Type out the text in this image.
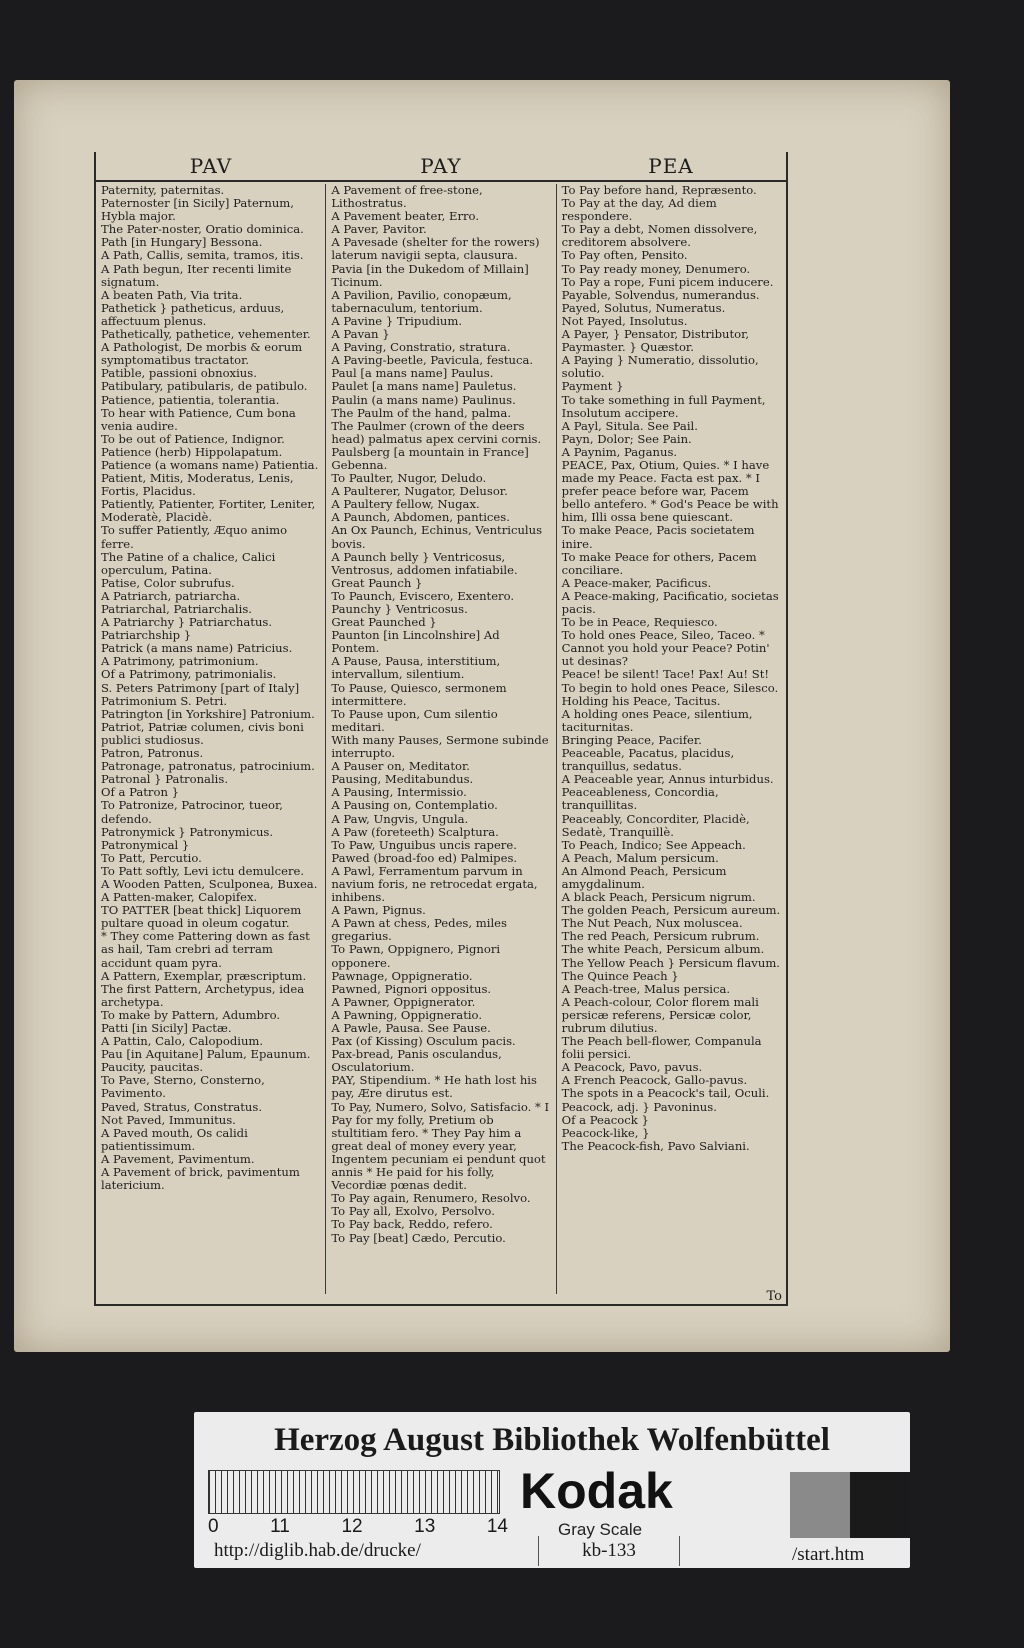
PAV	PAY	PEA

Paternity, paternitas.

Paternoster [in Sicily] Paternum, Hybla major.

The Pater-noster, Oratio dominica.

Path [in Hungary] Bessona.

A Path, Callis, semita, tramos, itis.

A Path begun, Iter recenti limite signatum.

A beaten Path, Via trita.

Pathetick } patheticus, arduus, affectuum plenus.

Pathetically, pathetice, vehementer.

A Pathologist, De morbis & eorum symptomatibus tractator.

Patible, passioni obnoxius.

Patibulary, patibularis, de patibulo.

Patience, patientia, tolerantia.

To hear with Patience, Cum bona venia audire.

To be out of Patience, Indignor.

Patience (herb) Hippolapatum.

Patience (a womans name) Patientia.

Patient, Mitis, Moderatus, Lenis, Fortis, Placidus.

Patiently, Patienter, Fortiter, Leniter, Moderatè, Placidè.

To suffer Patiently, Æquo animo ferre.

The Patine of a chalice, Calici operculum, Patina.

Patise, Color subrufus.

A Patriarch, patriarcha.

Patriarchal, Patriarchalis.

A Patriarchy } Patriarchatus.

Patriarchship }

Patrick (a mans name) Patricius.

A Patrimony, patrimonium.

Of a Patrimony, patrimonialis.

S. Peters Patrimony [part of Italy] Patrimonium S. Petri.

Patrington [in Yorkshire] Patronium.

Patriot, Patriæ columen, civis boni publici studiosus.

Patron, Patronus.

Patronage, patronatus, patrocinium.

Patronal } Patronalis.

Of a Patron }

To Patronize, Patrocinor, tueor, defendo.

Patronymick } Patronymicus.

Patronymical }

To Patt, Percutio.

To Patt softly, Levi ictu demulcere.

A Wooden Patten, Sculponea, Buxea.

A Patten-maker, Calopifex.

TO PATTER [beat thick] Liquorem pultare quoad in oleum cogatur.

* They come Pattering down as fast as hail, Tam crebri ad terram accidunt quam pyra.

A Pattern, Exemplar, præscriptum.

The first Pattern, Archetypus, idea archetypa.

To make by Pattern, Adumbro.

Patti [in Sicily] Pactæ.

A Pattin, Calo, Calopodium.

Pau [in Aquitane] Palum, Epaunum.

Paucity, paucitas.

To Pave, Sterno, Consterno, Pavimento.

Paved, Stratus, Constratus.

Not Paved, Immunitus.

A Paved mouth, Os calidi patientissimum.

A Pavement, Pavimentum.

A Pavement of brick, pavimentum latericium.

A Pavement of free-stone, Lithostratus.

A Pavement beater, Erro.

A Paver, Pavitor.

A Pavesade (shelter for the rowers) laterum navigii septa, clausura.

Pavia [in the Dukedom of Millain] Ticinum.

A Pavilion, Pavilio, conopæum, tabernaculum, tentorium.

A Pavine } Tripudium.

A Pavan }

A Paving, Constratio, stratura.

A Paving-beetle, Pavicula, festuca.

Paul [a mans name] Paulus.

Paulet [a mans name] Pauletus.

Paulin (a mans name) Paulinus.

The Paulm of the hand, palma.

The Paulmer (crown of the deers head) palmatus apex cervini cornis.

Paulsberg [a mountain in France] Gebenna.

To Paulter, Nugor, Deludo.

A Paulterer, Nugator, Delusor.

A Paultery fellow, Nugax.

A Paunch, Abdomen, pantices.

An Ox Paunch, Echinus, Ventriculus bovis.

A Paunch belly } Ventricosus, Ventrosus, addomen infatiabile.

Great Paunch }

To Paunch, Eviscero, Exentero.

Paunchy } Ventricosus.

Great Paunched }

Paunton [in Lincolnshire] Ad Pontem.

A Pause, Pausa, interstitium, intervallum, silentium.

To Pause, Quiesco, sermonem intermittere.

To Pause upon, Cum silentio meditari.

With many Pauses, Sermone subinde interrupto.

A Pauser on, Meditator.

Pausing, Meditabundus.

A Pausing, Intermissio.

A Pausing on, Contemplatio.

A Paw, Ungvis, Ungula.

A Paw (foreteeth) Scalptura.

To Paw, Unguibus uncis rapere.

Pawed (broad-foo ed) Palmipes.

A Pawl, Ferramentum parvum in navium foris, ne retrocedat ergata, inhibens.

A Pawn, Pignus.

A Pawn at chess, Pedes, miles gregarius.

To Pawn, Oppignero, Pignori opponere.

Pawnage, Oppigneratio.

Pawned, Pignori oppositus.

A Pawner, Oppignerator.

A Pawning, Oppigneratio.

A Pawle, Pausa. See Pause.

Pax (of Kissing) Osculum pacis.

Pax-bread, Panis osculandus, Osculatorium.

PAY, Stipendium. * He hath lost his pay, Ære dirutus est.

To Pay, Numero, Solvo, Satisfacio. * I Pay for my folly, Pretium ob stultitiam fero. * They Pay him a great deal of money every year, Ingentem pecuniam ei pendunt quot annis * He paid for his folly, Vecordiæ pœnas dedit.

To Pay again, Renumero, Resolvo.

To Pay all, Exolvo, Persolvo.

To Pay back, Reddo, refero.

To Pay [beat] Cædo, Percutio.

To Pay before hand, Repræsento.

To Pay at the day, Ad diem respondere.

To Pay a debt, Nomen dissolvere, creditorem absolvere.

To Pay often, Pensito.

To Pay ready money, Denumero.

To Pay a rope, Funi picem inducere.

Payable, Solvendus, numerandus.

Payed, Solutus, Numeratus.

Not Payed, Insolutus.

A Payer, } Pensator, Distributor,

Paymaster. } Quæstor.

A Paying } Numeratio, dissolutio, solutio.

Payment }

To take something in full Payment, Insolutum accipere.

A Payl, Situla. See Pail.

Payn, Dolor; See Pain.

A Paynim, Paganus.

PEACE, Pax, Otium, Quies. * I have made my Peace. Facta est pax. * I prefer peace before war, Pacem bello antefero. * God's Peace be with him, Illi ossa bene quiescant.

To make Peace, Pacis societatem inire.

To make Peace for others, Pacem conciliare.

A Peace-maker, Pacificus.

A Peace-making, Pacificatio, societas pacis.

To be in Peace, Requiesco.

To hold ones Peace, Sileo, Taceo. * Cannot you hold your Peace? Potin' ut desinas?

Peace! be silent! Tace! Pax! Au! St!

To begin to hold ones Peace, Silesco.

Holding his Peace, Tacitus.

A holding ones Peace, silentium, taciturnitas.

Bringing Peace, Pacifer.

Peaceable, Pacatus, placidus, tranquillus, sedatus.

A Peaceable year, Annus inturbidus.

Peaceableness, Concordia, tranquillitas.

Peaceably, Concorditer, Placidè, Sedatè, Tranquillè.

To Peach, Indico; See Appeach.

A Peach, Malum persicum.

An Almond Peach, Persicum amygdalinum.

A black Peach, Persicum nigrum.

The golden Peach, Persicum aureum.

The Nut Peach, Nux moluscea.

The red Peach, Persicum rubrum.

The white Peach, Persicum album.

The Yellow Peach } Persicum flavum.

The Quince Peach }

A Peach-tree, Malus persica.

A Peach-colour, Color florem mali persicæ referens, Persicæ color, rubrum dilutius.

The Peach bell-flower, Companula folii persici.

A Peacock, Pavo, pavus.

A French Peacock, Gallo-pavus.

The spots in a Peacock's tail, Oculi.

Peacock, adj. } Pavoninus.

Of a Peacock }

Peacock-like, }

The Peacock-fish, Pavo Salviani.

To
Herzog August Bibliothek Wolfenbüttel
0	11	12	13	14
Kodak
Gray Scale
http://diglib.hab.de/drucke/	kb-133	/start.htm
